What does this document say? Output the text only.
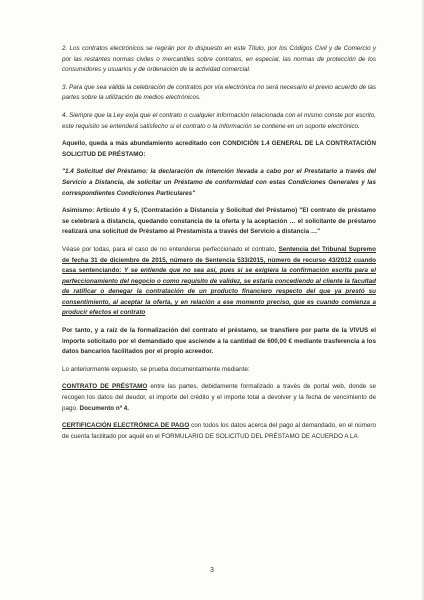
2. Los contratos electrónicos se regirán por lo dispuesto en este Título, por los Códigos Civil y de Comercio y por las restantes normas civiles o mercantiles sobre contratos, en especial, las normas de protección de los consumidores y usuarios y de ordenación de la actividad comercial.

3. Para que sea válida la celebración de contratos por vía electrónica no será necesario el previo acuerdo de las partes sobre la utilización de medios electrónicos.

4. Siempre que la Ley exija que el contrato o cualquier información relacionada con el mismo conste por escrito, este requisito se entenderá satisfecho si el contrato o la información se contiene en un soporte electrónico.

Aquello, queda a más abundamiento acreditado con CONDICIÓN 1.4 GENERAL DE LA CONTRATACIÓN SOLICITUD DE PRÉSTAMO:

"1.4 Solicitud del Préstamo: la declaración de intención llevada a cabo por el Prestatario a través del Servicio a Distancia, de solicitar un Préstamo de conformidad con estas Condiciones Generales y las correspondientes Condiciones Particulares"

Asimismo: Artículo 4 y 5, (Contratación a Distancia y Solicitud del Préstamo) "El contrato de préstamo se celebrará a distancia, quedando constancia de la oferta y la aceptación … el solicitante de préstamo realizará una solicitud de Préstamo al Prestamista a través del Servicio a distancia …"

Véase por todas, para el caso de no entenderse perfeccionado el contrato, Sentencia del Tribunal Supremo de fecha 31 de diciembre de 2015, número de Sentencia 533/2015, número de recurso 43/2012 cuando casa sentenciando: Y se entiende que no sea así, pues si se exigiera la confirmación escrita para el perfeccionamiento del negocio o como requisito de validez, se estaría concediendo al cliente la facultad de ratificar o denegar la contratación de un producto financiero respecto del que ya prestó su consentimiento, al aceptar la oferta, y en relación a ese momento preciso, que es cuando comienza a producir efectos el contrato

Por tanto, y a raíz de la formalización del contrato el préstamo, se transfiere por parte de la VIVUS el importe solicitado por el demandado que asciende a la cantidad de 600,00 € mediante trasferencia a los datos bancarios facilitados por el propio acreedor.

Lo anteriormente expuesto, se prueba documentalmente mediante:

CONTRATO DE PRÉSTAMO entre las partes, debidamente formalizado a través de portal web, donde se recogen los datos del deudor, el importe del crédito y el importe total a devolver y la fecha de vencimiento de pago. Documento nº 4.

CERTIFICACIÓN ELECTRÓNICA DE PAGO con todos los datos acerca del pago al demandado, en el número de cuenta facilitado por aquél en el FORMULARIO DE SOLICITUD DEL PRÉSTAMO DE ACUERDO A LA

3
